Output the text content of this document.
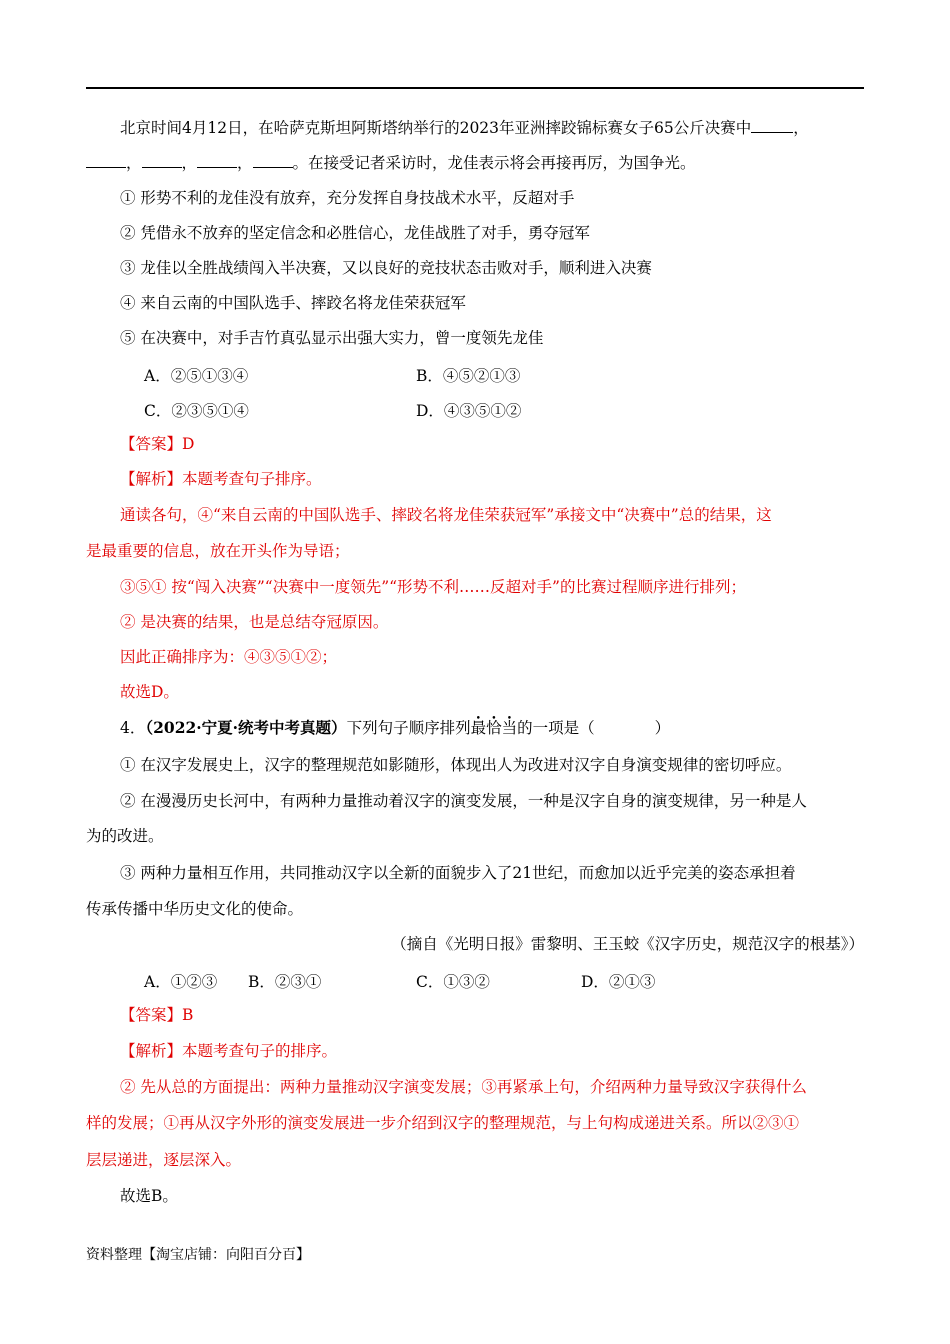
北京时间4月12日，在哈萨克斯坦阿斯塔纳举行的2023年亚洲摔跤锦标赛女子65公斤决赛中	，
，	，	，	。在接受记者采访时，龙佳表示将会再接再厉，为国争光。
① 形势不利的龙佳没有放弃，充分发挥自身技战术水平，反超对手
② 凭借永不放弃的坚定信念和必胜信心，龙佳战胜了对手，勇夺冠军
③ 龙佳以全胜战绩闯入半决赛，又以良好的竞技状态击败对手，顺利进入决赛
④ 来自云南的中国队选手、摔跤名将龙佳荣获冠军
⑤ 在决赛中，对手吉竹真弘显示出强大实力，曾一度领先龙佳
A．②⑤①③④	B．④⑤②①③
C．②③⑤①④	D．④③⑤①②
【答案】D
【解析】本题考查句子排序。
通读各句，④“来自云南的中国队选手、摔跤名将龙佳荣获冠军”承接文中“决赛中”总的结果，这
是最重要的信息，放在开头作为导语；
③⑤① 按“闯入决赛”“决赛中一度领先”“形势不利……反超对手”的比赛过程顺序进行排列；
② 是决赛的结果，也是总结夺冠原因。
因此正确排序为：④③⑤①②；
故选D。
4．（2022·宁夏·统考中考真题）下列句子顺序排列最恰当的一项是（	）
① 在汉字发展史上，汉字的整理规范如影随形，体现出人为改进对汉字自身演变规律的密切呼应。
② 在漫漫历史长河中，有两种力量推动着汉字的演变发展，一种是汉字自身的演变规律，另一种是人
为的改进。
③ 两种力量相互作用，共同推动汉字以全新的面貌步入了21世纪，而愈加以近乎完美的姿态承担着
传承传播中华历史文化的使命。
（摘自《光明日报》雷黎明、王玉蛟《汉字历史，规范汉字的根基》）
A．①②③ B．②③①	C．①③②	D．②①③
【答案】B
【解析】本题考查句子的排序。
② 先从总的方面提出：两种力量推动汉字演变发展；③再紧承上句，介绍两种力量导致汉字获得什么
样的发展；①再从汉字外形的演变发展进一步介绍到汉字的整理规范，与上句构成递进关系。所以②③①
层层递进，逐层深入。
故选B。
资料整理【淘宝店铺：向阳百分百】
